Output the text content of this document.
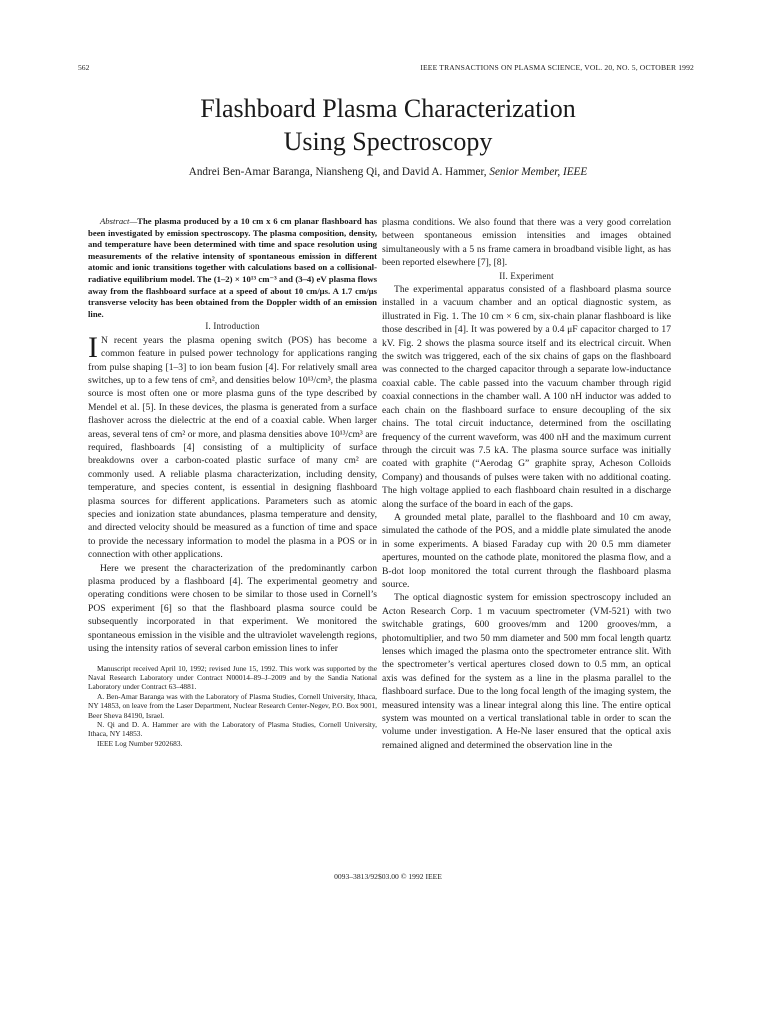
562	IEEE TRANSACTIONS ON PLASMA SCIENCE, VOL. 20, NO. 5, OCTOBER 1992
Flashboard Plasma Characterization
Using Spectroscopy
Andrei Ben-Amar Baranga, Niansheng Qi, and David A. Hammer, Senior Member, IEEE

Abstract—The plasma produced by a 10 cm x 6 cm planar flashboard has been investigated by emission spectroscopy. The plasma composition, density, and temperature have been determined with time and space resolution using measurements of the relative intensity of spontaneous emission in different atomic and ionic transitions together with calculations based on a collisional-radiative equilibrium model. The (1–2) × 10¹³ cm⁻³ and (3–4) eV plasma flows away from the flashboard surface at a speed of about 10 cm/μs. A 1.7 cm/μs transverse velocity has been obtained from the Doppler width of an emission line.

I. Introduction

I N recent years the plasma opening switch (POS) has become a common feature in pulsed power technology for applications ranging from pulse shaping [1–3] to ion beam fusion [4]. For relatively small area switches, up to a few tens of cm², and densities below 10¹³/cm³, the plasma source is most often one or more plasma guns of the type described by Mendel et al. [5]. In these devices, the plasma is generated from a surface flashover across the dielectric at the end of a coaxial cable. When larger areas, several tens of cm² or more, and plasma densities above 10¹³/cm³ are required, flashboards [4] consisting of a multiplicity of surface breakdowns over a carbon-coated plastic surface of many cm² are commonly used. A reliable plasma characterization, including density, temperature, and species content, is essential in designing flashboard plasma sources for different applications. Parameters such as atomic species and ionization state abundances, plasma temperature and density, and directed velocity should be measured as a function of time and space to provide the necessary information to model the plasma in a POS or in connection with other applications.

Here we present the characterization of the predominantly carbon plasma produced by a flashboard [4]. The experimental geometry and operating conditions were chosen to be similar to those used in Cornell’s POS experiment [6] so that the flashboard plasma source could be subsequently incorporated in that experiment. We monitored the spontaneous emission in the visible and the ultraviolet wavelength regions, using the intensity ratios of several carbon emission lines to infer

Manuscript received April 10, 1992; revised June 15, 1992. This work was supported by the Naval Research Laboratory under Contract N00014–89–J–2009 and by the Sandia National Laboratory under Contract 63–4881.

A. Ben-Amar Baranga was with the Laboratory of Plasma Studies, Cornell University, Ithaca, NY 14853, on leave from the Laser Department, Nuclear Research Center-Negev, P.O. Box 9001, Beer Sheva 84190, Israel.

N. Qi and D. A. Hammer are with the Laboratory of Plasma Studies, Cornell University, Ithaca, NY 14853.

IEEE Log Number 9202683.

plasma conditions. We also found that there was a very good correlation between spontaneous emission intensities and images obtained simultaneously with a 5 ns frame camera in broadband visible light, as has been reported elsewhere [7], [8].

II. Experiment

The experimental apparatus consisted of a flashboard plasma source installed in a vacuum chamber and an optical diagnostic system, as illustrated in Fig. 1. The 10 cm × 6 cm, six-chain planar flashboard is like those described in [4]. It was powered by a 0.4 μF capacitor charged to 17 kV. Fig. 2 shows the plasma source itself and its electrical circuit. When the switch was triggered, each of the six chains of gaps on the flashboard was connected to the charged capacitor through a separate low-inductance coaxial cable. The cable passed into the vacuum chamber through rigid coaxial connections in the chamber wall. A 100 nH inductor was added to each chain on the flashboard surface to ensure decoupling of the six chains. The total circuit inductance, determined from the oscillating frequency of the current waveform, was 400 nH and the maximum current through the circuit was 7.5 kA. The plasma source surface was initially coated with graphite (“Aerodag G” graphite spray, Acheson Colloids Company) and thousands of pulses were taken with no additional coating. The high voltage applied to each flashboard chain resulted in a discharge along the surface of the board in each of the gaps.

A grounded metal plate, parallel to the flashboard and 10 cm away, simulated the cathode of the POS, and a middle plate simulated the anode in some experiments. A biased Faraday cup with 20 0.5 mm diameter apertures, mounted on the cathode plate, monitored the plasma flow, and a B-dot loop monitored the total current through the flashboard plasma source.

The optical diagnostic system for emission spectroscopy included an Acton Research Corp. 1 m vacuum spectrometer (VM-521) with two switchable gratings, 600 grooves/mm and 1200 grooves/mm, a photomultiplier, and two 50 mm diameter and 500 mm focal length quartz lenses which imaged the plasma onto the spectrometer entrance slit. With the spectrometer’s vertical apertures closed down to 0.5 mm, an optical axis was defined for the system as a line in the plasma parallel to the flashboard surface. Due to the long focal length of the imaging system, the measured intensity was a linear integral along this line. The entire optical system was mounted on a vertical translational table in order to scan the volume under investigation. A He-Ne laser ensured that the optical axis remained aligned and determined the observation line in the

0093–3813/92$03.00 © 1992 IEEE
